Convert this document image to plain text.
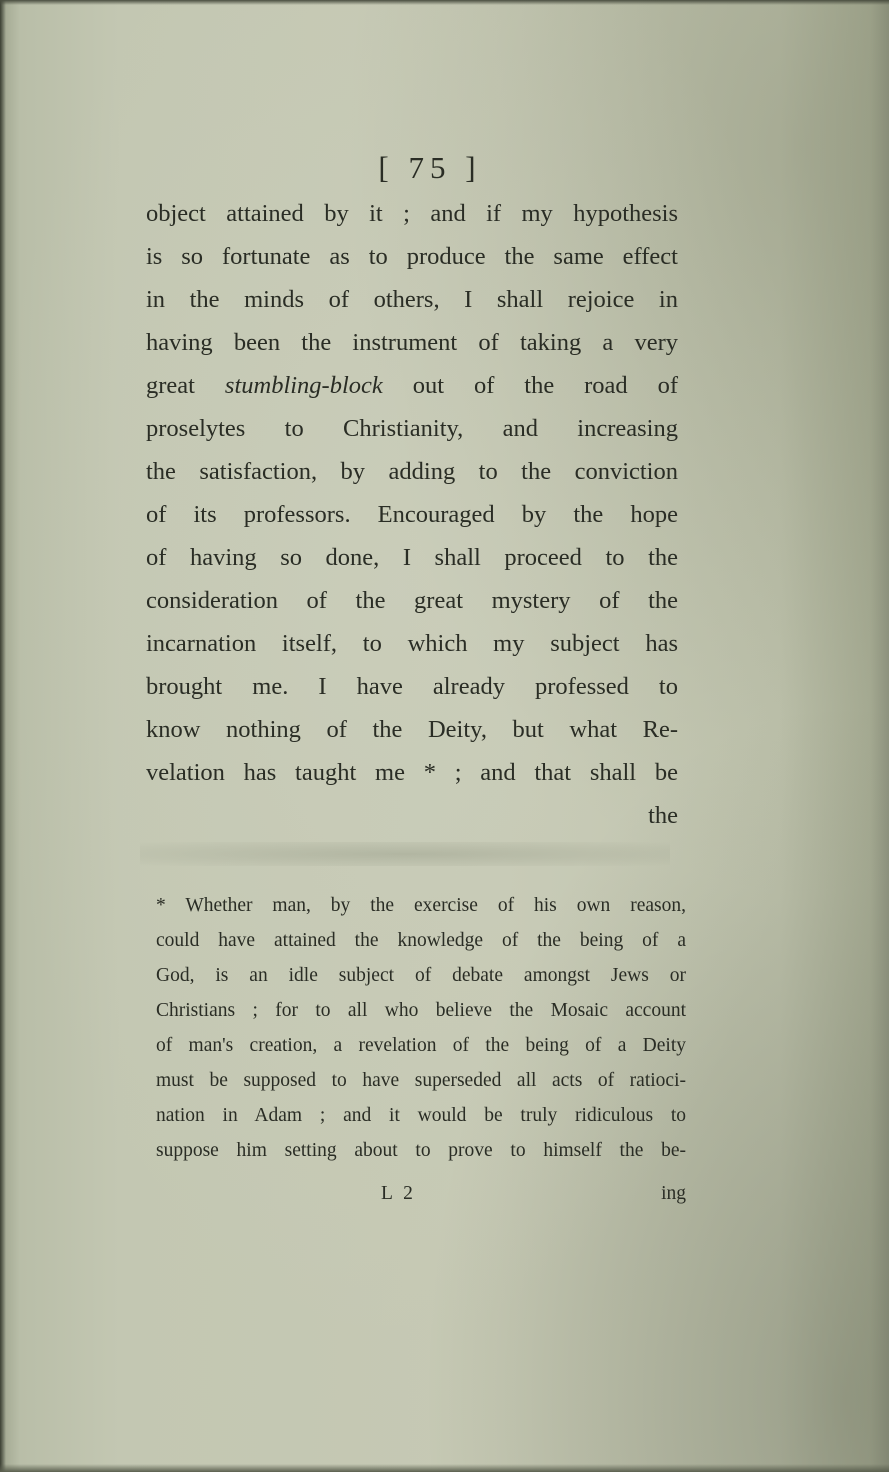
[ 75 ]
object attained by it ; and if my hypothesis
is so fortunate as to produce the same effect
in the minds of others, I shall rejoice in
having been the instrument of taking a very
great stumbling-block out of the road of
proselytes to Christianity, and increasing
the satisfaction, by adding to the conviction
of its professors. Encouraged by the hope
of having so done, I shall proceed to the
consideration of the great mystery of the
incarnation itself, to which my subject has
brought me. I have already professed to
know nothing of the Deity, but what Re-
velation has taught me * ; and that shall be
the
* Whether man, by the exercise of his own reason,
could have attained the knowledge of the being of a
God, is an idle subject of debate amongst Jews or
Christians ; for to all who believe the Mosaic account
of man's creation, a revelation of the being of a Deity
must be supposed to have superseded all acts of ratioci-
nation in Adam ; and it would be truly ridiculous to
suppose him setting about to prove to himself the be-
L 2	ing
